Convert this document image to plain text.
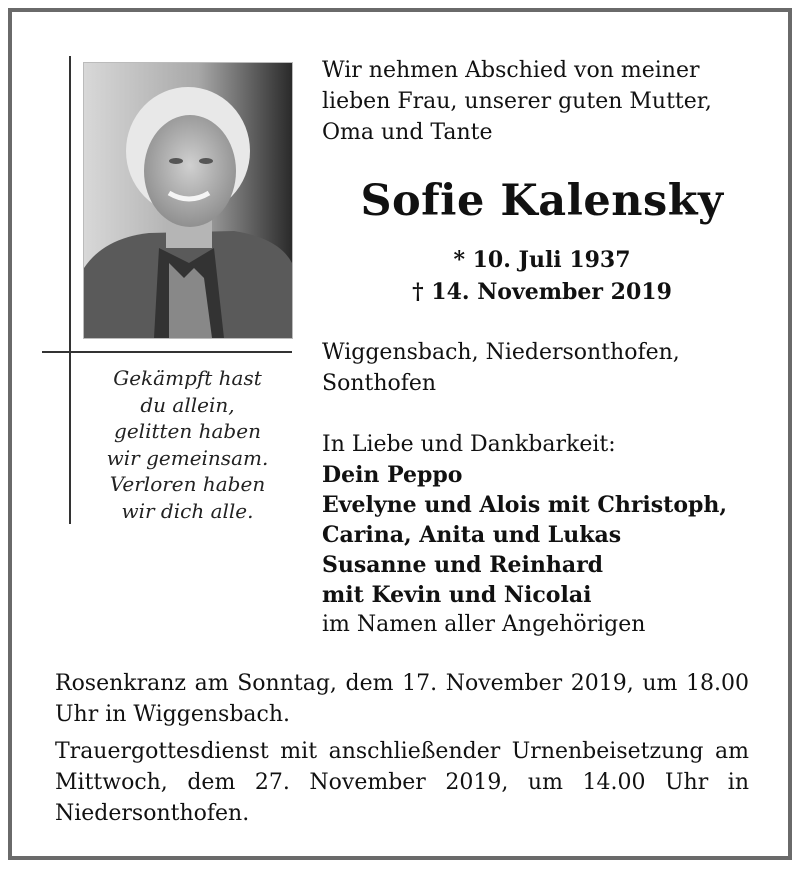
Gekämpft hast
du allein,
gelitten haben
wir gemeinsam.
Verloren haben
wir dich alle.
Wir nehmen Abschied von meiner lieben Frau, unserer guten Mutter, Oma und Tante
Sofie Kalensky
* 10. Juli 1937
† 14. November 2019
Wiggensbach, Niedersonthofen,
Sonthofen
In Liebe und Dankbarkeit:
Dein Peppo
Evelyne und Alois mit Christoph,
Carina, Anita und Lukas
Susanne und Reinhard
mit Kevin und Nicolai
im Namen aller Angehörigen

Rosenkranz am Sonntag, dem 17. November 2019, um 18.00 Uhr in Wiggensbach.

Trauergottesdienst mit anschließender Urnenbeisetzung am Mittwoch, dem 27. November 2019, um 14.00 Uhr in Niedersonthofen.
